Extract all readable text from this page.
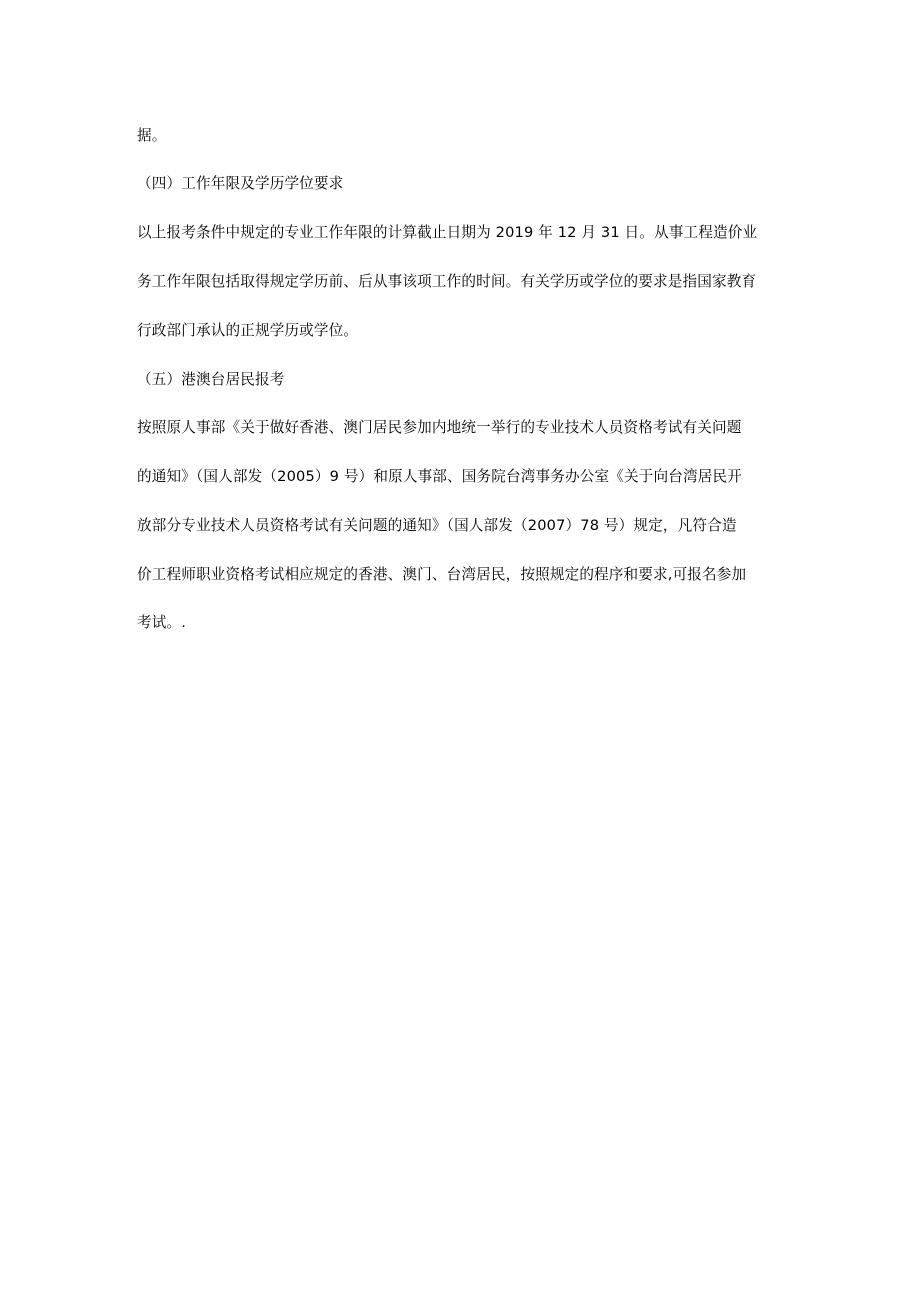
据。
（四）工作年限及学历学位要求
以上报考条件中规定的专业工作年限的计算截止日期为 2019 年 12 月 31 日。从事工程造价业
务工作年限包括取得规定学历前、后从事该项工作的时间。有关学历或学位的要求是指国家教育
行政部门承认的正规学历或学位。
（五）港澳台居民报考
按照原人事部《关于做好香港、澳门居民参加内地统一举行的专业技术人员资格考试有关问题
的通知》（国人部发（2005）9 号）和原人事部、国务院台湾事务办公室《关于向台湾居民开
放部分专业技术人员资格考试有关问题的通知》（国人部发（2007）78 号）规定，凡符合造
价工程师职业资格考试相应规定的香港、澳门、台湾居民，按照规定的程序和要求,可报名参加
考试。.
